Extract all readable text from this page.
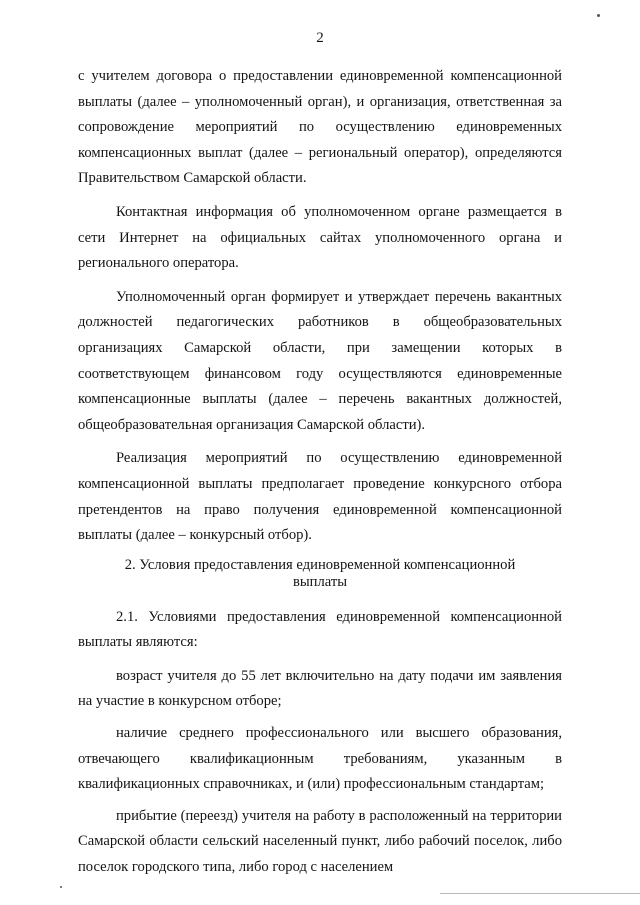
2

с учителем договора о предоставлении единовременной компенсационной выплаты (далее – уполномоченный орган), и организация, ответственная за сопровождение мероприятий по осуществлению единовременных компенсационных выплат (далее – региональный оператор), определяются Правительством Самарской области.

Контактная информация об уполномоченном органе размещается в сети Интернет на официальных сайтах уполномоченного органа и регионального оператора.

Уполномоченный орган формирует и утверждает перечень вакантных должностей педагогических работников в общеобразовательных организациях Самарской области, при замещении которых в соответствующем финансовом году осуществляются единовременные компенсационные выплаты (далее – перечень вакантных должностей, общеобразовательная организация Самарской области).

Реализация мероприятий по осуществлению единовременной компенсационной выплаты предполагает проведение конкурсного отбора претендентов на право получения единовременной компенсационной выплаты (далее – конкурсный отбор).

2. Условия предоставления единовременной компенсационной
выплаты

2.1. Условиями предоставления единовременной компенсационной выплаты являются:

возраст учителя до 55 лет включительно на дату подачи им заявления на участие в конкурсном отборе;

наличие среднего профессионального или высшего образования, отвечающего квалификационным требованиям, указанным в квалификационных справочниках, и (или) профессиональным стандартам;

прибытие (переезд) учителя на работу в расположенный на территории Самарской области сельский населенный пункт, либо рабочий поселок, либо поселок городского типа, либо город с населением
